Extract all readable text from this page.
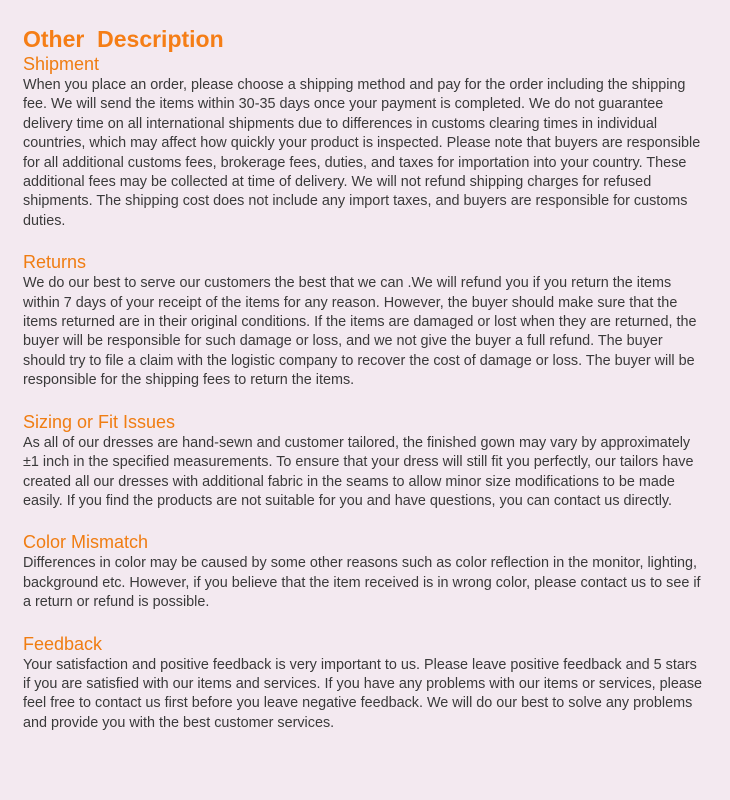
Other  Description
Shipment

When you place an order, please choose a shipping method and pay for the order including the shipping fee. We will send the items within 30-35 days once your payment is completed. We do not guarantee delivery time on all international shipments due to differences in customs clearing times in individual countries, which may affect how quickly your product is inspected. Please note that buyers are responsible for all additional customs fees, brokerage fees, duties, and taxes for importation into your country. These additional fees may be collected at time of delivery. We will not refund shipping charges for refused shipments. The shipping cost does not include any import taxes, and buyers are responsible for customs duties.

Returns

We do our best to serve our customers the best that we can .We will refund you if you return the items within 7 days of your receipt of the items for any reason. However, the buyer should make sure that the items returned are in their original conditions. If the items are damaged or lost when they are returned, the buyer will be responsible for such damage or loss, and we not give the buyer a full refund. The buyer should try to file a claim with the logistic company to recover the cost of damage or loss. The buyer will be responsible for the shipping fees to return the items.

Sizing or Fit Issues

As all of our dresses are hand-sewn and customer tailored, the finished gown may vary by approximately ±1 inch in the specified measurements. To ensure that your dress will still fit you perfectly, our tailors have created all our dresses with additional fabric in the seams to allow minor size modifications to be made easily. If you find the products are not suitable for you and have questions, you can contact us directly.

Color Mismatch

Differences in color may be caused by some other reasons such as color reflection in the monitor, lighting, background etc. However, if you believe that the item received is in wrong color, please contact us to see if a return or refund is possible.

Feedback

Your satisfaction and positive feedback is very important to us. Please leave positive feedback and 5 stars if you are satisfied with our items and services. If you have any problems with our items or services, please feel free to contact us first before you leave negative feedback. We will do our best to solve any problems and provide you with the best customer services.
